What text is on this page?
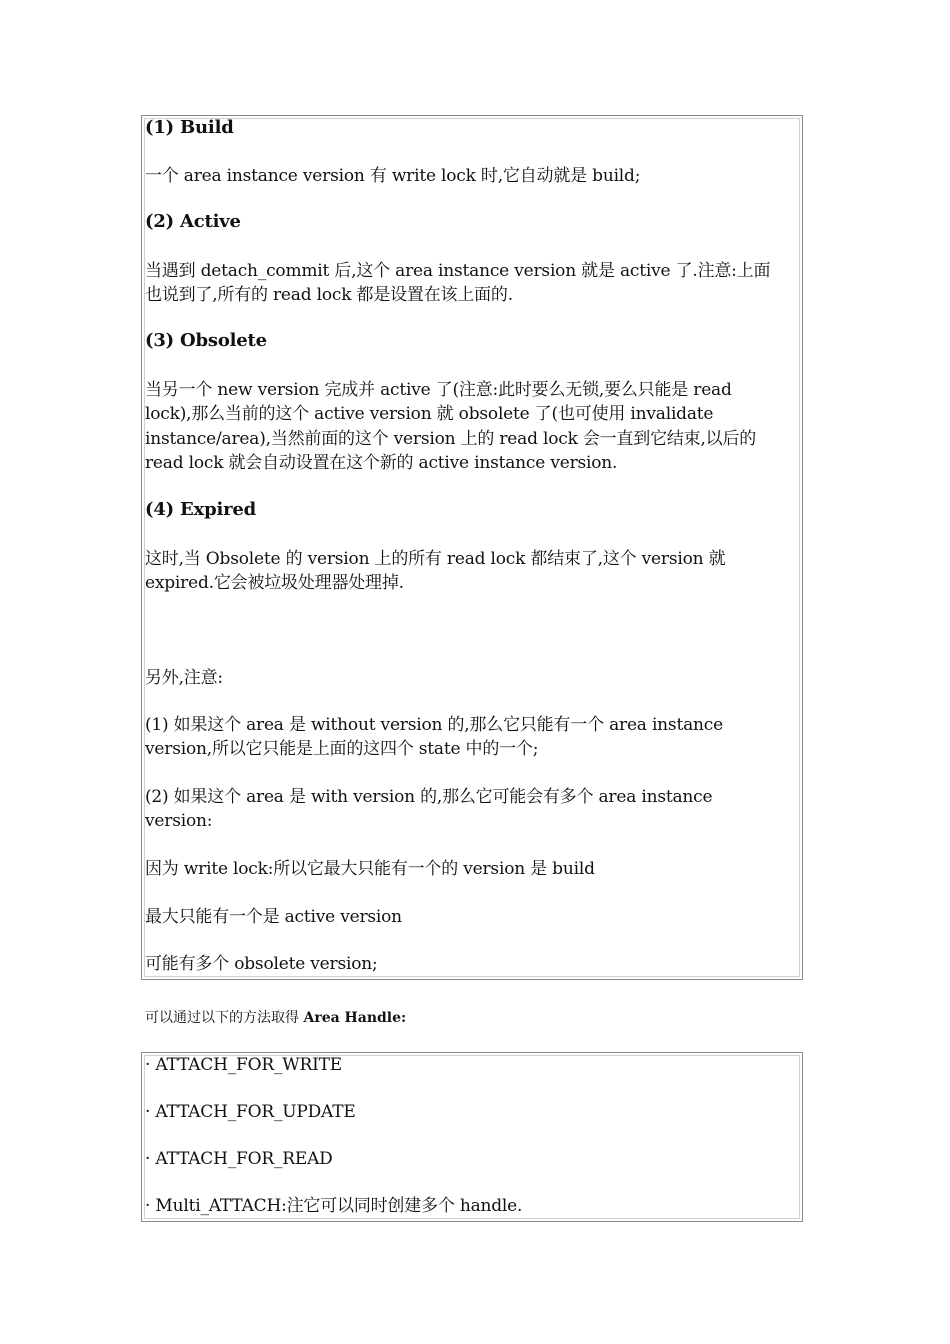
(1) Build
一个 area instance version 有 write lock 时,它自动就是 build;
(2) Active
当遇到 detach_commit 后,这个 area instance version 就是 active 了.注意:上面
也说到了,所有的 read lock 都是设置在该上面的.
(3) Obsolete
当另一个 new version 完成并 active 了(注意:此时要么无锁,要么只能是 read
lock),那么当前的这个 active version 就 obsolete 了(也可使用 invalidate
instance/area),当然前面的这个 version 上的 read lock 会一直到它结束,以后的
read lock 就会自动设置在这个新的 active instance version.
(4) Expired
这时,当 Obsolete 的 version 上的所有 read lock 都结束了,这个 version 就
expired.它会被垃圾处理器处理掉.
另外,注意:
(1) 如果这个 area 是 without version 的,那么它只能有一个 area instance
version,所以它只能是上面的这四个 state 中的一个;
(2) 如果这个 area 是 with version 的,那么它可能会有多个 area instance
version:
因为 write lock:所以它最大只能有一个的 version 是 build
最大只能有一个是 active version
可能有多个 obsolete version;
可以通过以下的方法取得 Area Handle:
· ATTACH_FOR_WRITE
· ATTACH_FOR_UPDATE
· ATTACH_FOR_READ
· Multi_ATTACH:注它可以同时创建多个 handle.
